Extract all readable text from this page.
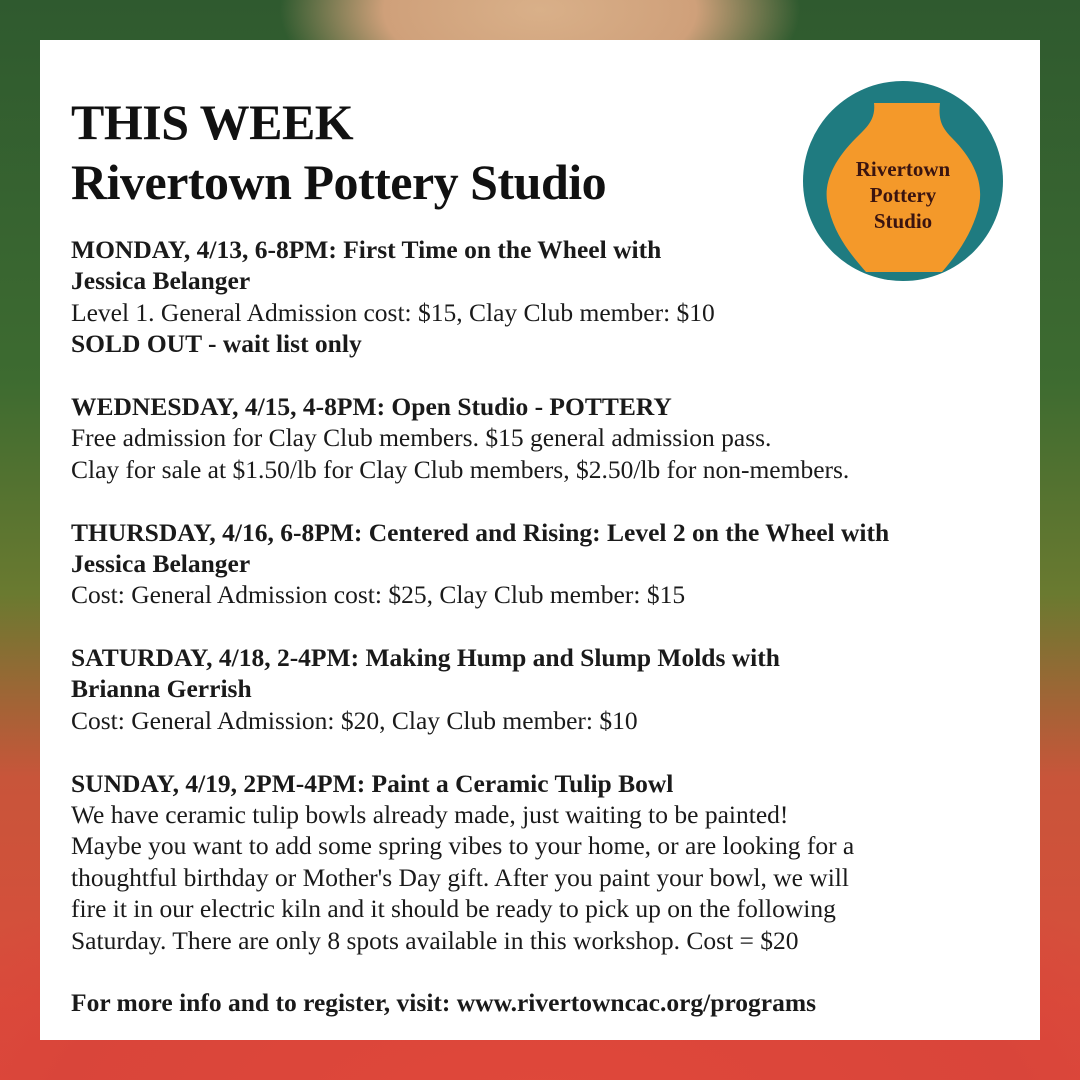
THIS WEEK
Rivertown Pottery Studio	Rivertown
Pottery
Studio
MONDAY, 4/13, 6-8PM: First Time on the Wheel with
Jessica Belanger
Level 1. General Admission cost: $15, Clay Club member: $10
SOLD OUT - wait list only
WEDNESDAY, 4/15, 4-8PM: Open Studio - POTTERY
Free admission for Clay Club members. $15 general admission pass.
Clay for sale at $1.50/lb for Clay Club members, $2.50/lb for non-members.
THURSDAY, 4/16, 6-8PM: Centered and Rising: Level 2 on the Wheel with
Jessica Belanger
Cost: General Admission cost: $25, Clay Club member: $15
SATURDAY, 4/18, 2-4PM: Making Hump and Slump Molds with
Brianna Gerrish
Cost: General Admission: $20, Clay Club member: $10
SUNDAY, 4/19, 2PM-4PM: Paint a Ceramic Tulip Bowl
We have ceramic tulip bowls already made, just waiting to be painted!
Maybe you want to add some spring vibes to your home, or are looking for a
thoughtful birthday or Mother's Day gift. After you paint your bowl, we will
fire it in our electric kiln and it should be ready to pick up on the following
Saturday. There are only 8 spots available in this workshop. Cost = $20
For more info and to register, visit: www.rivertowncac.org/programs
